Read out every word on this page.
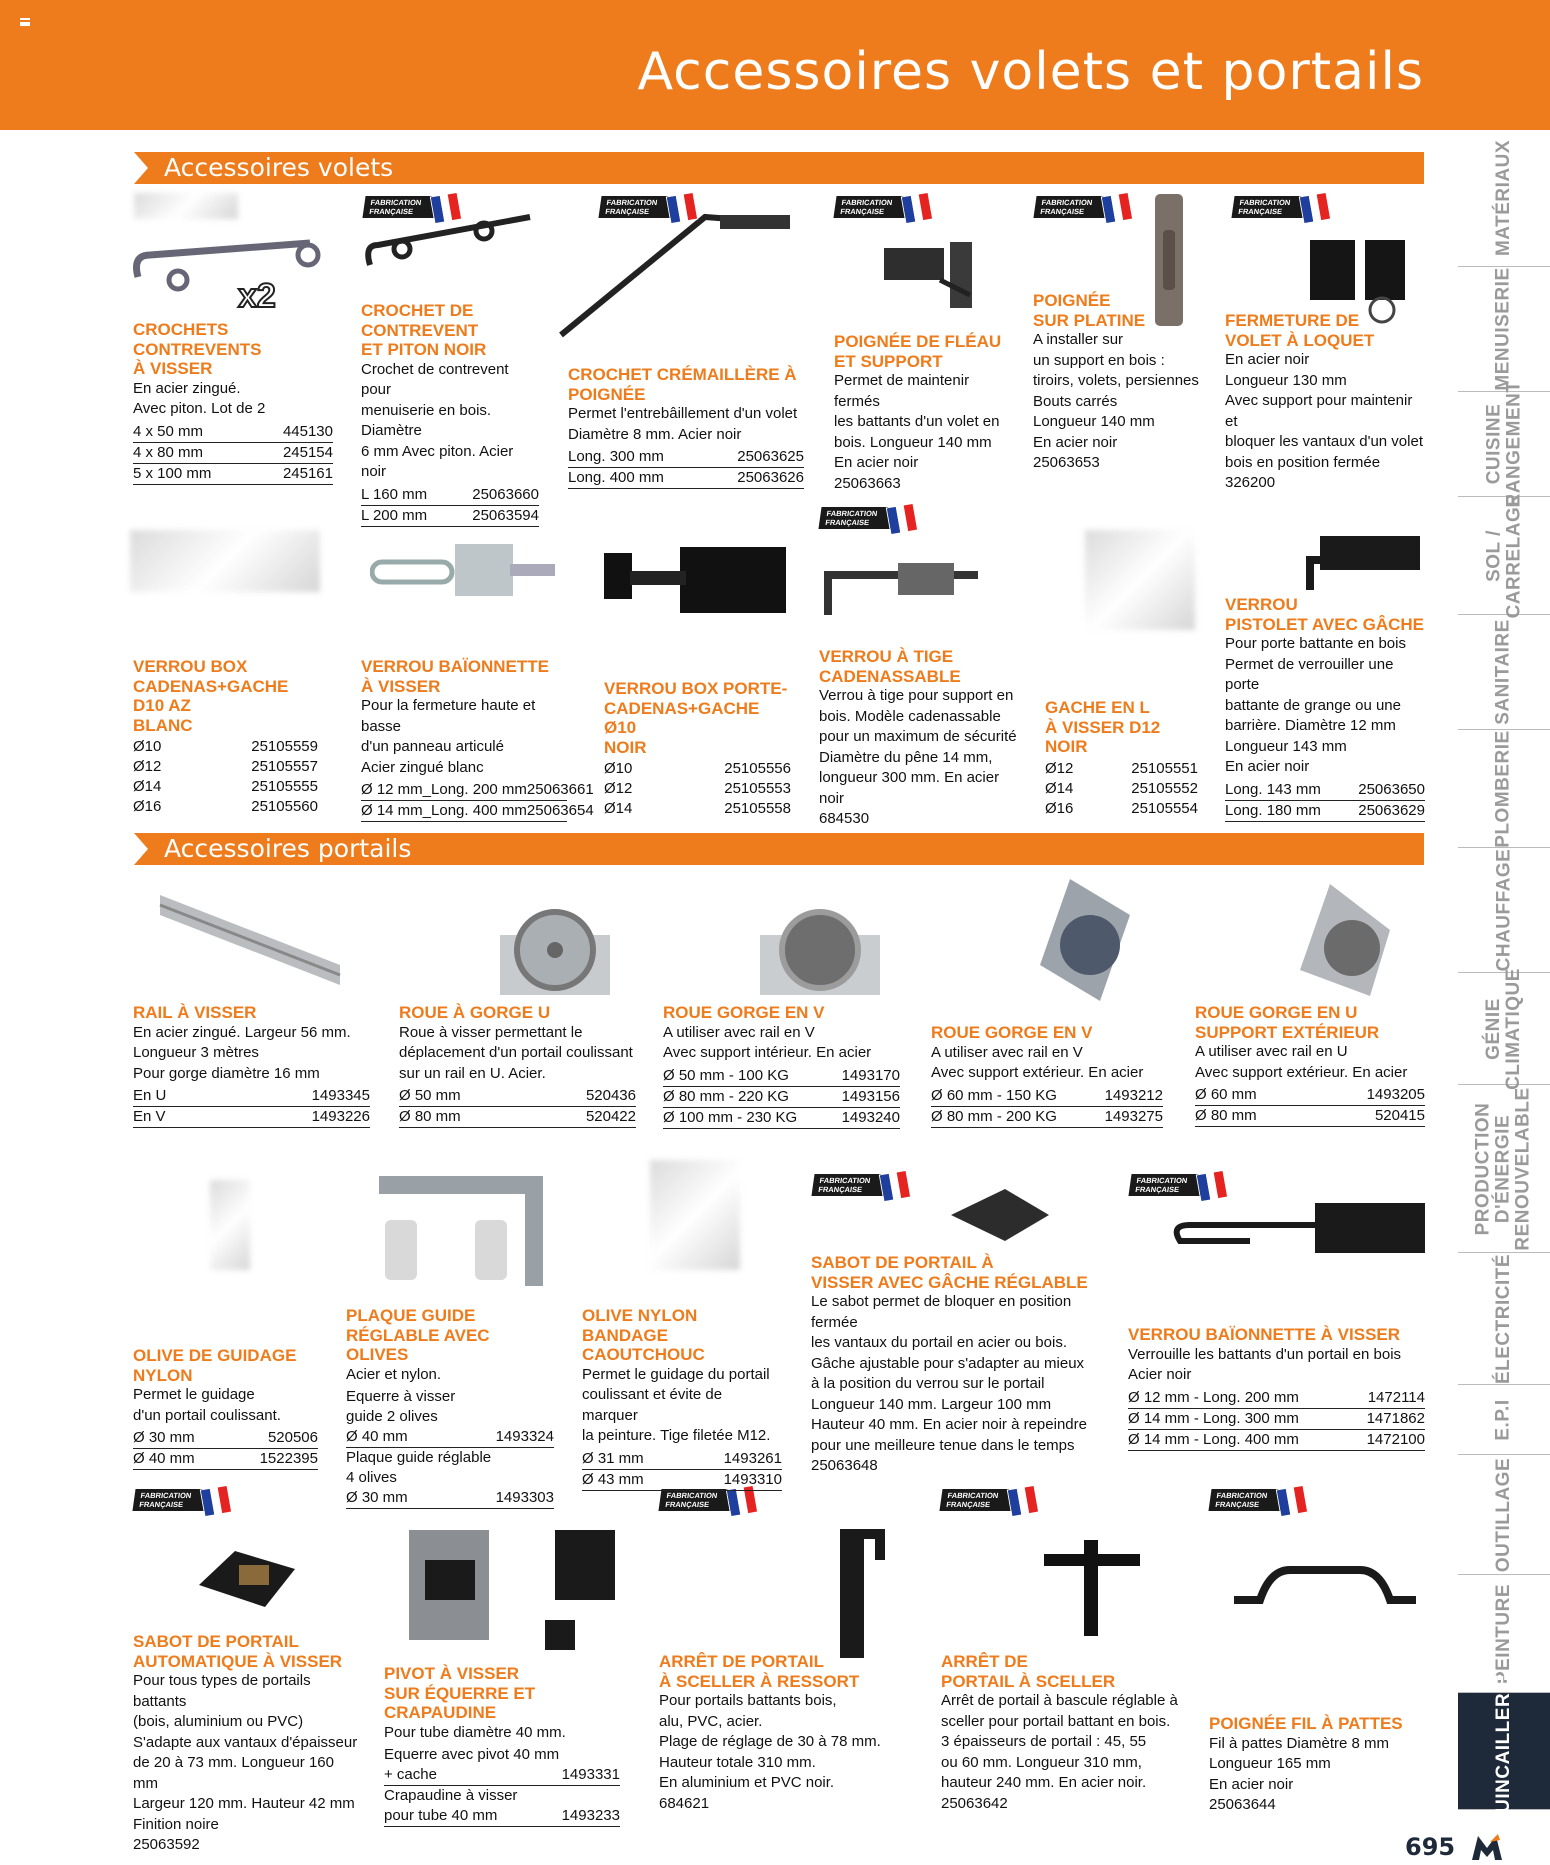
Accessoires volets et portails
Accessoires volets
Accessoires portails
x2
FABRICATION
FRANÇAISE
FABRICATION
FRANÇAISE
FABRICATION
FRANÇAISE
FABRICATION
FRANÇAISE
FABRICATION
FRANÇAISE
FABRICATION
FRANÇAISE
FABRICATION
FRANÇAISE
FABRICATION
FRANÇAISE
FABRICATION
FRANÇAISE
FABRICATION
FRANÇAISE
FABRICATION
FRANÇAISE
FABRICATION
FRANÇAISE
CROCHETS CONTREVENTS
À VISSER
En acier zingué.
Avec piton. Lot de 2
4 x 50 mm	445130
4 x 80 mm	245154
5 x 100 mm	245161
CROCHET DE
CONTREVENT
ET PITON NOIR
Crochet de contrevent pour
menuiserie en bois. Diamètre
6 mm Avec piton. Acier noir
L 160 mm	25063660
L 200 mm	25063594
CROCHET CRÉMAILLÈRE À POIGNÉE
Permet l'entrebâillement d'un volet
Diamètre 8 mm. Acier noir
Long. 300 mm	25063625
Long. 400 mm	25063626
POIGNÉE DE FLÉAU
ET SUPPORT
Permet de maintenir fermés
les battants d'un volet en
bois. Longueur 140 mm
En acier noir
25063663
POIGNÉE
SUR PLATINE
A installer sur
un support en bois :
tiroirs, volets, persiennes
Bouts carrés
Longueur 140 mm
En acier noir
25063653
FERMETURE DE
VOLET À LOQUET
En acier noir
Longueur 130 mm
Avec support pour maintenir et
bloquer les vantaux d'un volet
bois en position fermée
326200
VERROU BOX
CADENAS+GACHE D10 AZ
BLANC
Ø10	25105559
Ø12	25105557
Ø14	25105555
Ø16	25105560
VERROU BAÏONNETTE
À VISSER
Pour la fermeture haute et basse
d'un panneau articulé
Acier zingué blanc
Ø 12 mm_Long. 200 mm 25063661
Ø 14 mm_Long. 400 mm 25063654
VERROU BOX PORTE-
CADENAS+GACHE Ø10
NOIR
Ø10	25105556
Ø12	25105553
Ø14	25105558
VERROU À TIGE
CADENASSABLE
Verrou à tige pour support en
bois. Modèle cadenassable
pour un maximum de sécurité
Diamètre du pêne 14 mm,
longueur 300 mm. En acier noir
684530
GACHE EN L
À VISSER D12 NOIR
Ø12	25105551
Ø14	25105552
Ø16	25105554
VERROU
PISTOLET AVEC GÂCHE
Pour porte battante en bois
Permet de verrouiller une porte
battante de grange ou une
barrière. Diamètre 12 mm
Longueur 143 mm
En acier noir
Long. 143 mm 25063650
Long. 180 mm 25063629
RAIL À VISSER
En acier zingué. Largeur 56 mm.
Longueur 3 mètres
Pour gorge diamètre 16 mm
En U	1493345
En V	1493226
ROUE À GORGE U
Roue à visser permettant le
déplacement d'un portail coulissant
sur un rail en U. Acier.
Ø 50 mm	520436
Ø 80 mm	520422
ROUE GORGE EN V
A utiliser avec rail en V
Avec support intérieur. En acier
Ø 50 mm - 100 KG	1493170
Ø 80 mm - 220 KG	1493156
Ø 100 mm - 230 KG	1493240
ROUE GORGE EN V
A utiliser avec rail en V
Avec support extérieur. En acier
Ø 60 mm - 150 KG	1493212
Ø 80 mm - 200 KG	1493275
ROUE GORGE EN U
SUPPORT EXTÉRIEUR
A utiliser avec rail en U
Avec support extérieur. En acier
Ø 60 mm	1493205
Ø 80 mm	520415
OLIVE DE GUIDAGE NYLON
Permet le guidage
d'un portail coulissant.
Ø 30 mm	520506
Ø 40 mm	1522395
PLAQUE GUIDE
RÉGLABLE AVEC OLIVES
Acier et nylon.
Equerre à visser guide 2 olives
Ø 40 mm	1493324
Plaque guide réglable 4 olives
Ø 30 mm	1493303
OLIVE NYLON
BANDAGE CAOUTCHOUC
Permet le guidage du portail
coulissant et évite de marquer
la peinture. Tige filetée M12.
Ø 31 mm	1493261
Ø 43 mm	1493310
SABOT DE PORTAIL À
VISSER AVEC GÂCHE RÉGLABLE
Le sabot permet de bloquer en position fermée
les vantaux du portail en acier ou bois.
Gâche ajustable pour s'adapter au mieux
à la position du verrou sur le portail
Longueur 140 mm. Largeur 100 mm
Hauteur 40 mm. En acier noir à repeindre
pour une meilleure tenue dans le temps
25063648
VERROU BAÏONNETTE À VISSER
Verrouille les battants d'un portail en bois
Acier noir
Ø 12 mm - Long. 200 mm	1472114
Ø 14 mm - Long. 300 mm	1471862
Ø 14 mm - Long. 400 mm	1472100
SABOT DE PORTAIL
AUTOMATIQUE À VISSER
Pour tous types de portails battants
(bois, aluminium ou PVC)
S'adapte aux vantaux d'épaisseur
de 20 à 73 mm. Longueur 160 mm
Largeur 120 mm. Hauteur 42 mm
Finition noire
25063592
PIVOT À VISSER
SUR ÉQUERRE ET CRAPAUDINE
Pour tube diamètre 40 mm.
Equerre avec pivot 40 mm
+ cache	1493331
Crapaudine à visser
pour tube 40 mm	1493233
ARRÊT DE PORTAIL
À SCELLER À RESSORT
Pour portails battants bois,
alu, PVC, acier.
Plage de réglage de 30 à 78 mm.
Hauteur totale 310 mm.
En aluminium et PVC noir.
684621
ARRÊT DE
PORTAIL À SCELLER
Arrêt de portail à bascule réglable à
sceller pour portail battant en bois.
3 épaisseurs de portail : 45, 55
ou 60 mm. Longueur 310 mm,
hauteur 240 mm. En acier noir.
25063642
POIGNÉE FIL À PATTES
Fil à pattes Diamètre 8 mm
Longueur 165 mm
En acier noir
25063644
MATÉRIAUX
MENUISERIE
CUISINE
RANGEMENT
SOL /
CARRELAGE
SANITAIRE
PLOMBERIE
CHAUFFAGE
GÉNIE
CLIMATIQUE
PRODUCTION D'ÉNERGIE
RENOUVELABLE
ÉLECTRICITÉ
E.P.I
OUTILLAGE
PEINTURE
QUINCAILLERIE
695
